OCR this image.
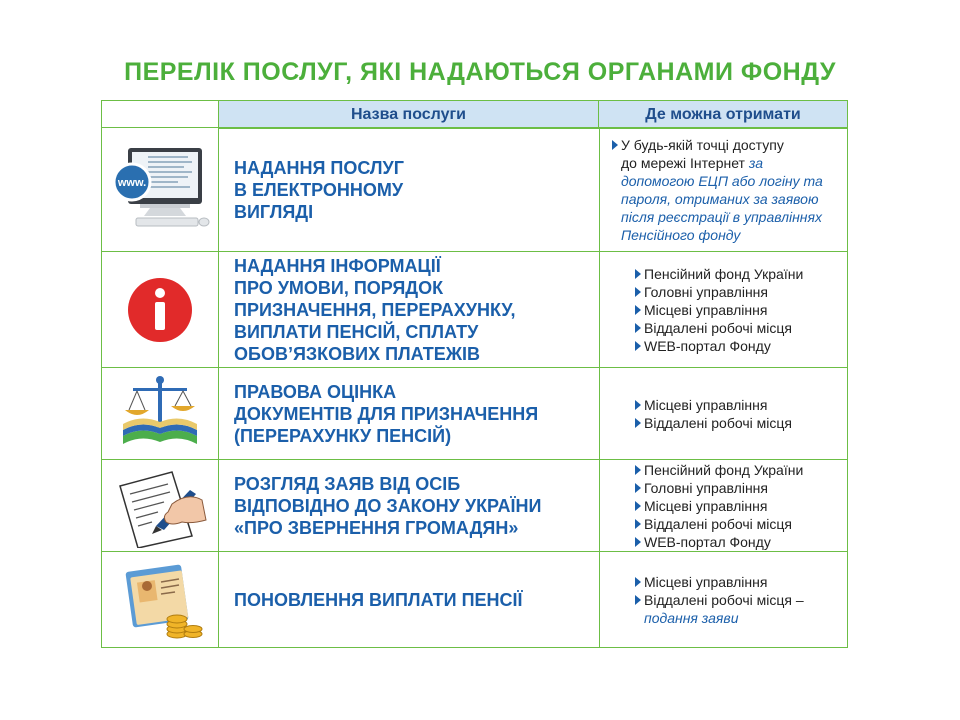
ПЕРЕЛІК ПОСЛУГ, ЯКІ НАДАЮТЬСЯ ОРГАНАМИ ФОНДУ
Назва послуги	Де можна отримати
www.
НАДАННЯ ПОСЛУГ
В ЕЛЕКТРОННОМУ
ВИГЛЯДІ
У будь-якій точці доступу
до мережі Інтернет за
допомогою ЕЦП або логіну та
пароля, отриманих за заявою
після реєстрації в управліннях
Пенсійного фонду
НАДАННЯ ІНФОРМАЦІЇ
ПРО УМОВИ, ПОРЯДОК
ПРИЗНАЧЕННЯ, ПЕРЕРАХУНКУ,
ВИПЛАТИ ПЕНСІЙ, СПЛАТУ
ОБОВ’ЯЗКОВИХ ПЛАТЕЖІВ
Пенсійний фонд України
Головні управління
Місцеві управління
Віддалені робочі місця
WEB-портал Фонду
ПРАВОВА ОЦІНКА
ДОКУМЕНТІВ ДЛЯ ПРИЗНАЧЕННЯ
(ПЕРЕРАХУНКУ ПЕНСІЙ)
Місцеві управління
Віддалені робочі місця
РОЗГЛЯД ЗАЯВ ВІД ОСІБ
ВІДПОВІДНО ДО ЗАКОНУ УКРАЇНИ
«ПРО ЗВЕРНЕННЯ ГРОМАДЯН»
Пенсійний фонд України
Головні управління
Місцеві управління
Віддалені робочі місця
WEB-портал Фонду
ПОНОВЛЕННЯ ВИПЛАТИ ПЕНСІЇ
Місцеві управління
Віддалені робочі місця –
подання заяви
